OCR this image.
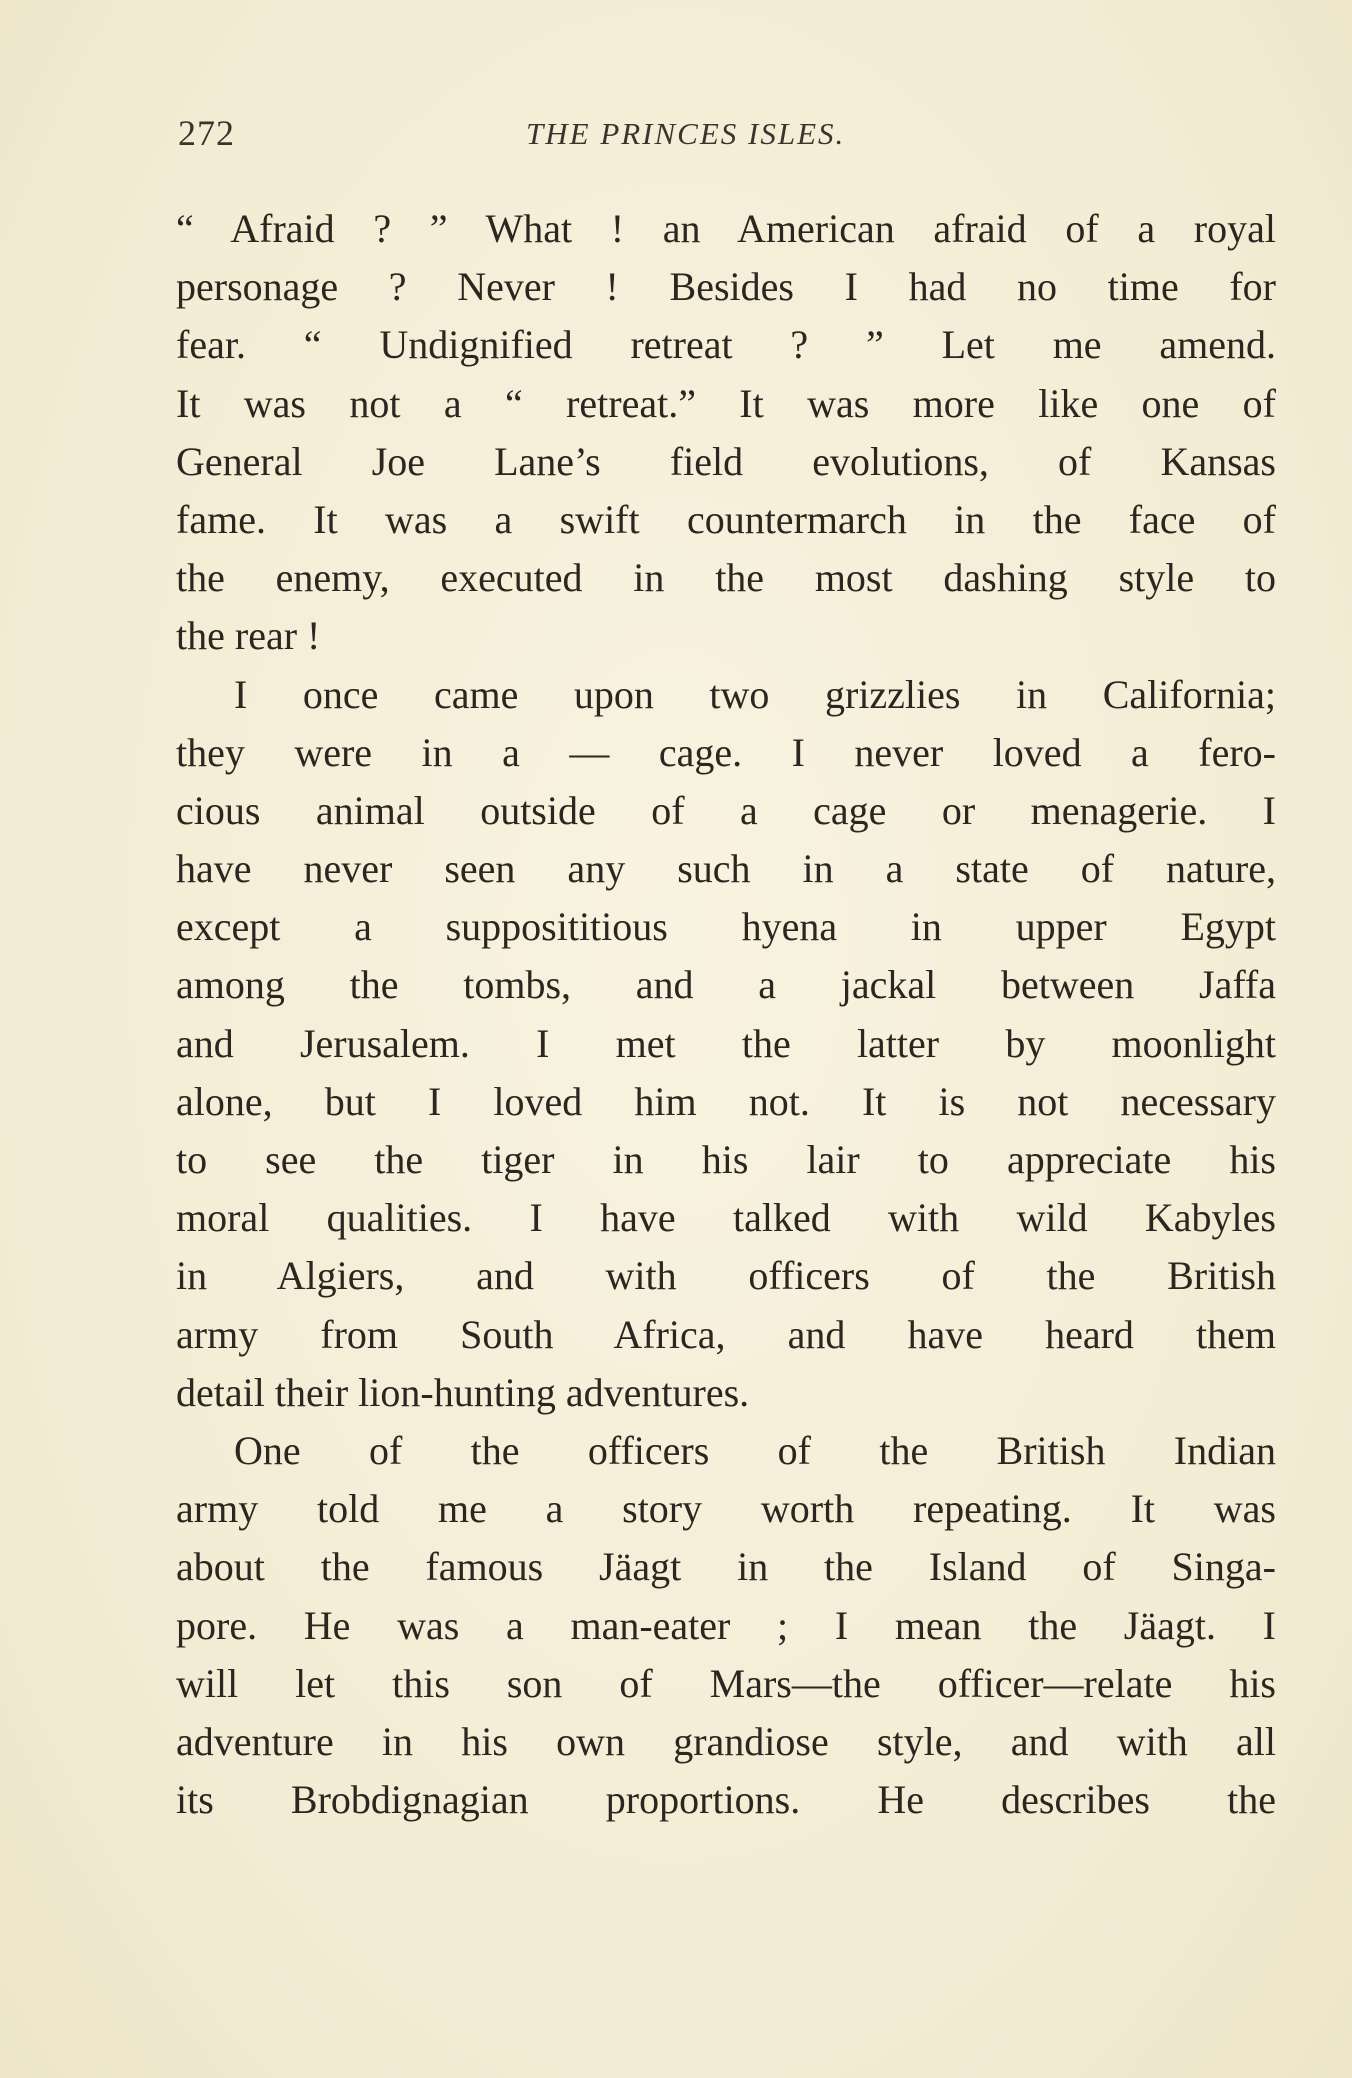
272	THE PRINCES ISLES.
“ Afraid ? ” What ! an American afraid of a royal
personage ? Never ! Besides I had no time for
fear. “ Undignified retreat ? ” Let me amend.
It was not a “ retreat.” It was more like one of
General Joe Lane’s field evolutions, of Kansas
fame. It was a swift countermarch in the face of
the enemy, executed in the most dashing style to
the rear !
I once came upon two grizzlies in California;
they were in a — cage. I never loved a fero-
cious animal outside of a cage or menagerie. I
have never seen any such in a state of nature,
except a supposititious hyena in upper Egypt
among the tombs, and a jackal between Jaffa
and Jerusalem. I met the latter by moonlight
alone, but I loved him not. It is not necessary
to see the tiger in his lair to appreciate his
moral qualities. I have talked with wild Kabyles
in Algiers, and with officers of the British
army from South Africa, and have heard them
detail their lion-hunting adventures.
One of the officers of the British Indian
army told me a story worth repeating. It was
about the famous Jäagt in the Island of Singa-
pore. He was a man-eater ; I mean the Jäagt. I
will let this son of Mars—the officer—relate his
adventure in his own grandiose style, and with all
its Brobdignagian proportions. He describes the
